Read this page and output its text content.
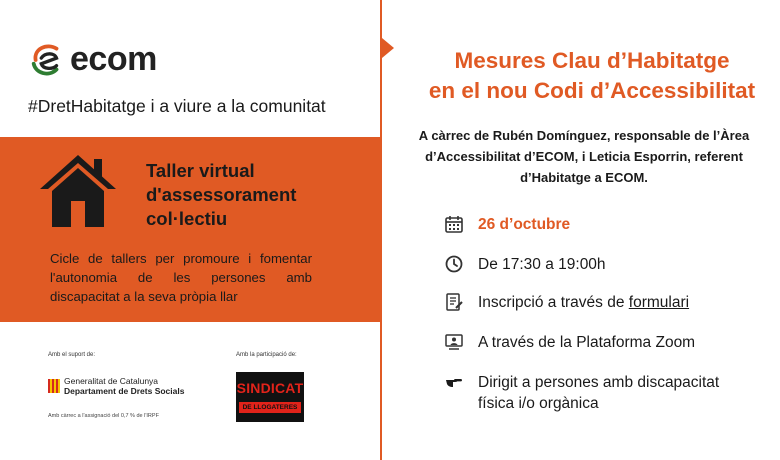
ecom
#DretHabitatge i a viure a la comunitat
Taller virtual d'assessorament col·lectiu
Cicle de tallers per promoure i fomentar l'autonomia de les persones amb discapacitat a la seva pròpia llar
Amb el suport de:	Amb la participació de:
Generalitat de Catalunya
Departament de Drets Socials
Amb càrrec a l'assignació del 0,7 % de l'IRPF
SINDICAT
DE LLOGATERES
Mesures Clau d’Habitatge
en el nou Codi d’Accessibilitat
A càrrec de Rubén Domínguez, responsable de l’Àrea d’Accessibilitat d’ECOM, i Leticia Esporrin, referent d’Habitatge a ECOM.
26 d’octubre
De 17:30 a 19:00h
Inscripció a través de formulari
A través de la Plataforma Zoom
Dirigit a persones amb discapacitat física i/o orgànica
